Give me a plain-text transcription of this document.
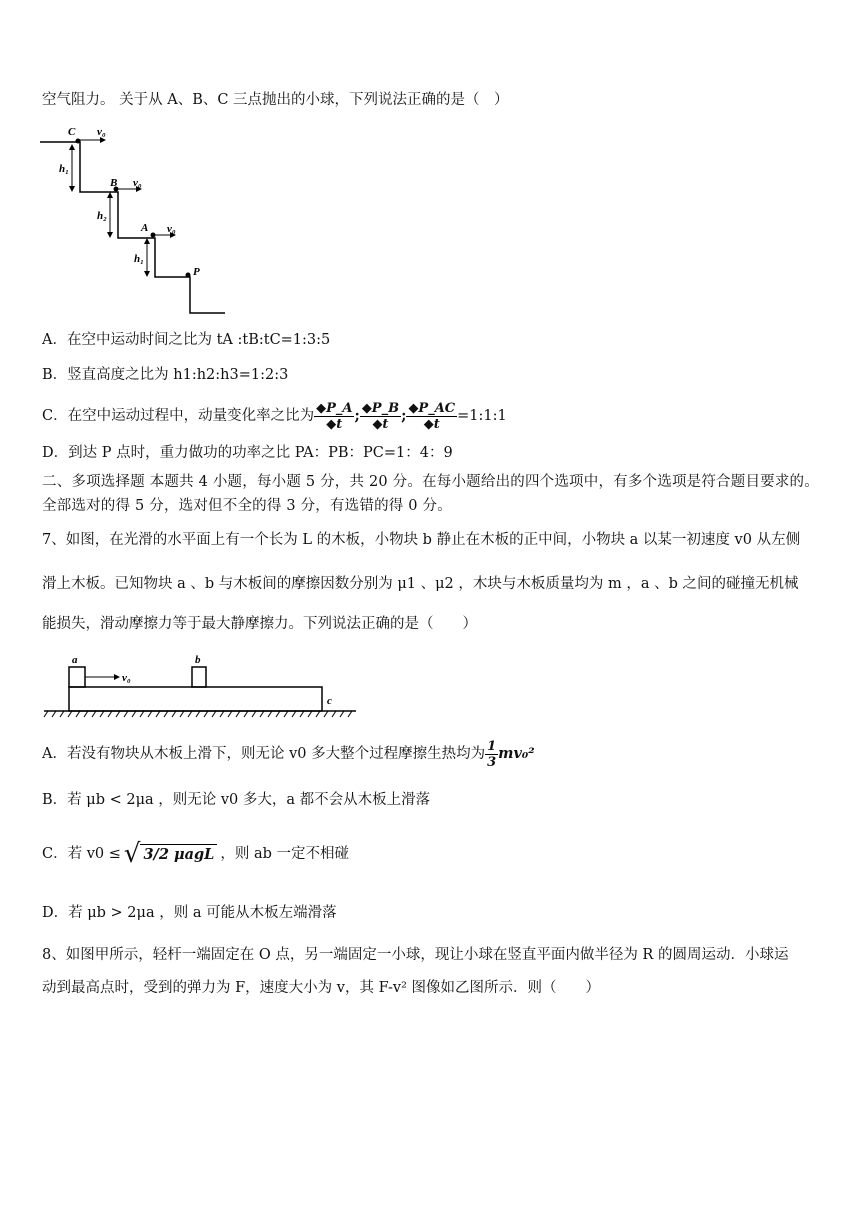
空气阻力。 关于从 A、B、C 三点抛出的小球，下列说法正确的是（　）
C v₀
B v₀
A v₀
P
h₁
h₂
h₁
A．在空中运动时间之比为 tA :tB:tC=1:3:5
B．竖直高度之比为 h1:h2:h3=1:2:3
C．在空中运动过程中，动量变化率之比为 $\frac{◆P\_A}{◆t}$ ; $\frac{◆P\_B}{◆t}$ ; $\frac{◆P\_AC}{◆t}$ =1:1:1
D．到达 P 点时，重力做功的功率之比 PA：PB：PC=1：4：9
二、多项选择题 本题共 4 小题，每小题 5 分，共 20 分。在每小题给出的四个选项中，有多个选项是符合题目要求的。
全部选对的得 5 分，选对但不全的得 3 分，有选错的得 0 分。
7、如图，在光滑的水平面上有一个长为 L 的木板，小物块 b 静止在木板的正中间，小物块 a 以某一初速度 v0 从左侧
滑上木板。已知物块 a 、b 与木板间的摩擦因数分别为 μ1 、μ2 ，木块与木板质量均为 m ，a 、b 之间的碰撞无机械
能损失，滑动摩擦力等于最大静摩擦力。下列说法正确的是（　　）
a	b
v₀
c
A．若没有物块从木板上滑下，则无论 v0 多大整个过程摩擦生热均为 $\frac{1}{3} mv_0^2$
B．若 μb < 2μa ，则无论 v0 多大，a 都不会从木板上滑落
C．若 v0 ≤ √ 3/2 μagL ，则 ab 一定不相碰
D．若 μb > 2μa ，则 a 可能从木板左端滑落
8、如图甲所示，轻杆一端固定在 O 点，另一端固定一小球，现让小球在竖直平面内做半径为 R 的圆周运动．小球运
动到最高点时，受到的弹力为 F，速度大小为 v，其 F-v² 图像如乙图所示．则（　　）
